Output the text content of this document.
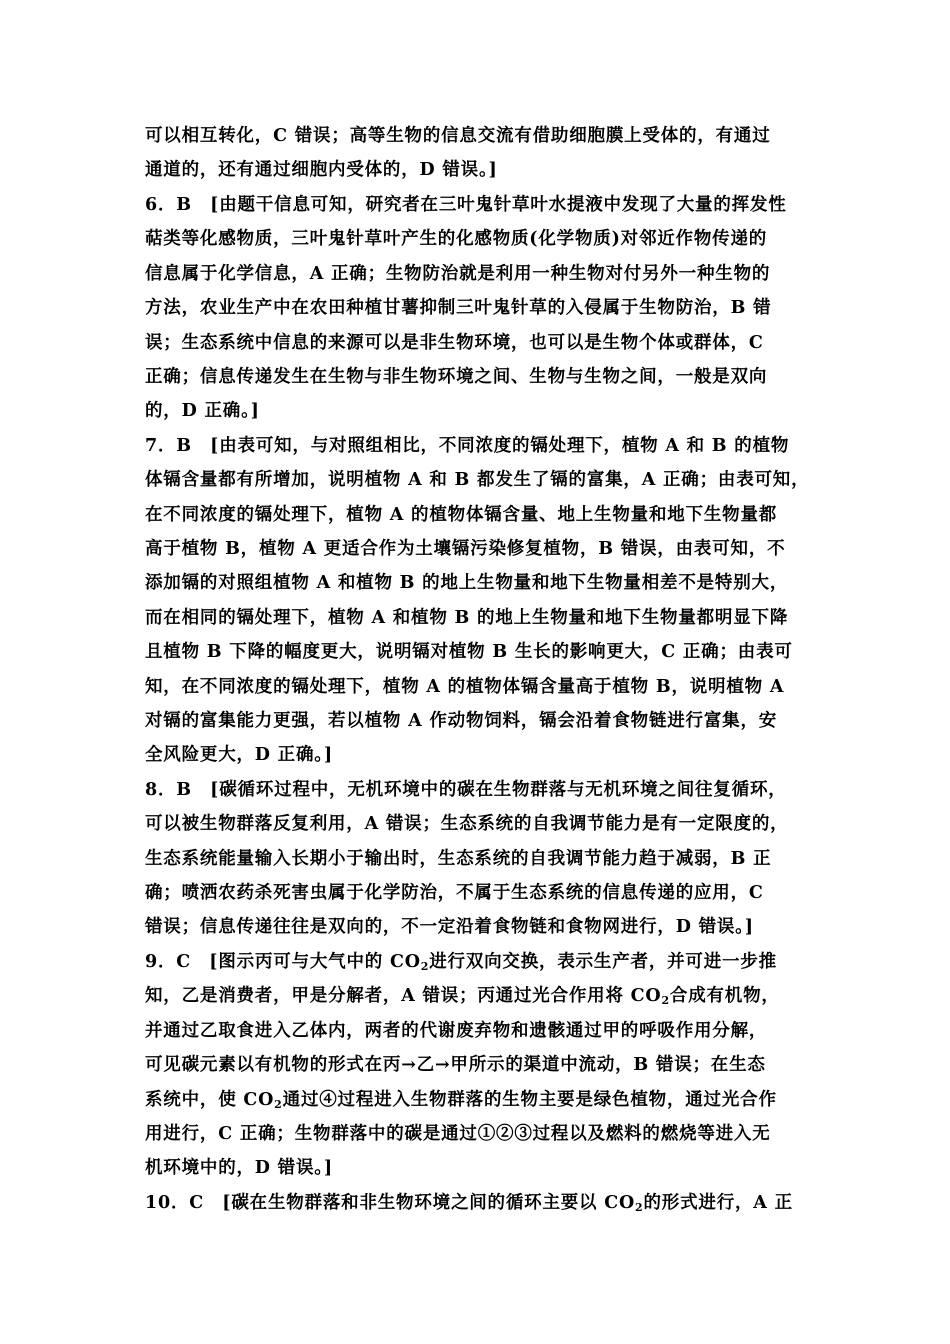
可以相互转化，C 错误；高等生物的信息交流有借助细胞膜上受体的，有通过
通道的，还有通过细胞内受体的，D 错误。]
6．B　[由题干信息可知，研究者在三叶鬼针草叶水提液中发现了大量的挥发性
萜类等化感物质，三叶鬼针草叶产生的化感物质(化学物质)对邻近作物传递的
信息属于化学信息，A 正确；生物防治就是利用一种生物对付另外一种生物的
方法，农业生产中在农田种植甘薯抑制三叶鬼针草的入侵属于生物防治，B 错
误；生态系统中信息的来源可以是非生物环境，也可以是生物个体或群体，C
正确；信息传递发生在生物与非生物环境之间、生物与生物之间，一般是双向
的，D 正确。]
7．B　[由表可知，与对照组相比，不同浓度的镉处理下，植物 A 和 B 的植物
体镉含量都有所增加，说明植物 A 和 B 都发生了镉的富集，A 正确；由表可知，
在不同浓度的镉处理下，植物 A 的植物体镉含量、地上生物量和地下生物量都
高于植物 B，植物 A 更适合作为土壤镉污染修复植物，B 错误，由表可知，不
添加镉的对照组植物 A 和植物 B 的地上生物量和地下生物量相差不是特别大，
而在相同的镉处理下，植物 A 和植物 B 的地上生物量和地下生物量都明显下降
且植物 B 下降的幅度更大，说明镉对植物 B 生长的影响更大，C 正确；由表可
知，在不同浓度的镉处理下，植物 A 的植物体镉含量高于植物 B，说明植物 A
对镉的富集能力更强，若以植物 A 作动物饲料，镉会沿着食物链进行富集，安
全风险更大，D 正确。]
8．B　[碳循环过程中，无机环境中的碳在生物群落与无机环境之间往复循环，
可以被生物群落反复利用，A 错误；生态系统的自我调节能力是有一定限度的，
生态系统能量输入长期小于输出时，生态系统的自我调节能力趋于减弱，B 正
确；喷洒农药杀死害虫属于化学防治，不属于生态系统的信息传递的应用，C
错误；信息传递往往是双向的，不一定沿着食物链和食物网进行，D 错误。]
9．C　[图示丙可与大气中的 $CO_2$进行双向交换，表示生产者，并可进一步推
知，乙是消费者，甲是分解者，A 错误；丙通过光合作用将 $CO_2$合成有机物，
并通过乙取食进入乙体内，两者的代谢废弃物和遗骸通过甲的呼吸作用分解，
可见碳元素以有机物的形式在丙→乙→甲所示的渠道中流动，B 错误；在生态
系统中，使 $CO_2$通过④过程进入生物群落的生物主要是绿色植物，通过光合作
用进行，C 正确；生物群落中的碳是通过①②③过程以及燃料的燃烧等进入无
机环境中的，D 错误。]
10．C　[碳在生物群落和非生物环境之间的循环主要以 $CO_2$的形式进行，A 正
